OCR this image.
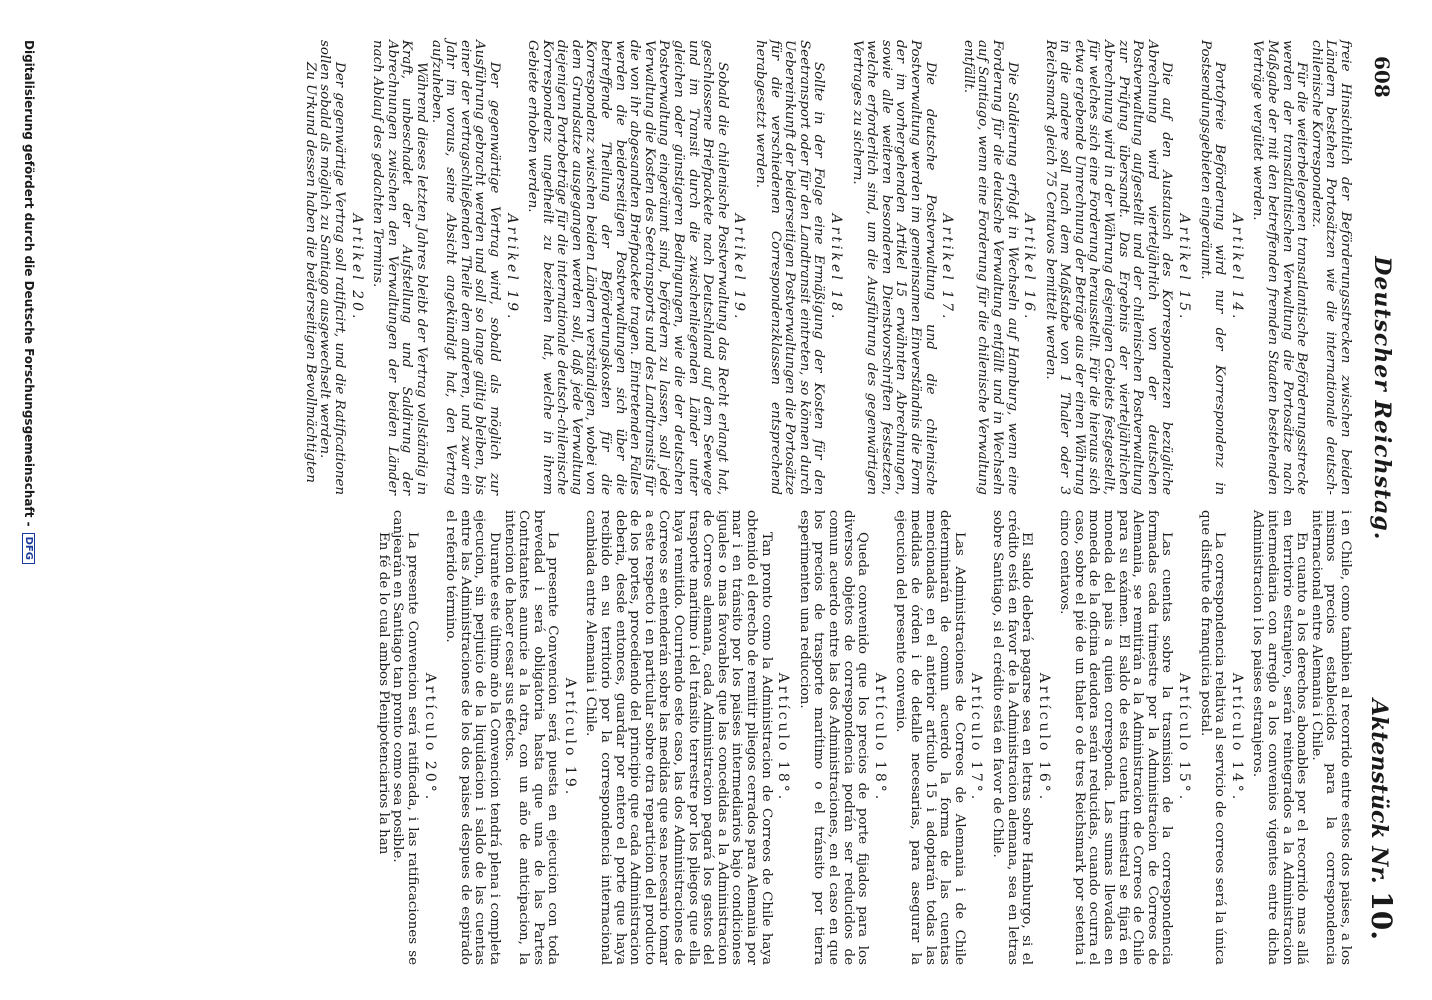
608
Deutscher Reichstag.
Aktenstück Nr. 10.

freie Hinsichtlich der Beförderungsstrecken zwischen beiden Ländern bestehen Portosätzen wie die internationale deutsch-chilenische Korrespondenz.

Für die weiterbelegenen transatlantische Beförderungsstrecke werden der transatlantischen Verwaltung die Portosätze nach Maßgabe der mit den betreffenden fremden Staaten bestehenden Verträge vergütet werden.

Artikel 14.

Portofreie Beförderung wird nur der Korrespondenz in Postsendungsgebieten eingeräumt.

Artikel 15.

Die auf den Austausch des Korrespondenzen bezügliche Abrechnung wird vierteljährlich von der deutschen Postverwaltung aufgestellt und der chilenischen Postverwaltung zur Prüfung übersandt. Das Ergebnis der vierteljährlichen Abrechnung wird in der Währung desjenigen Gebiets festgestellt, für welches sich eine Forderung herausstellt. Für die hieraus sich etwa ergebende Umrechnung der Beträge aus der einen Währung in die andere soll nach dem Maßstabe von 1 Thaler oder 3 Reichsmark gleich 75 Centavos bemittelt werden.

Artikel 16.

Die Saldierung erfolgt in Wechseln auf Hamburg, wenn eine Forderung für die deutsche Verwaltung entfällt und in Wechseln auf Santiago, wenn eine Forderung für die chilenische Verwaltung entfällt.

Artikel 17.

Die deutsche Postverwaltung und die chilenische Postverwaltung werden im gemeinsamen Einverständnis die Form der im vorhergehenden Artikel 15 erwähnten Abrechnungen, sowie alle weiteren besonderen Dienstvorschriften festsetzen, welche erforderlich sind, um die Ausführung des gegenwärtigen Vertrages zu sichern.

Artikel 18.

Sollte in der Folge eine Ermäßigung der Kosten für den Seetransport oder für den Landtransit eintreten, so können durch Uebereinkunft der beiderseitigen Postverwaltungen die Portosätze für die verschiedenen Correspondenzklassen entsprechend herabgesetzt werden.

Artikel 19.

Sobald die chilenische Postverwaltung das Recht erlangt hat, geschlossene Briefpackete nach Deutschland auf dem Seewege und im Transit durch die zwischenliegenden Länder unter gleichen oder günstigeren Bedingungen, wie die der deutschen Postverwaltung eingeräumt sind, befördern zu lassen, soll jede Verwaltung die Kosten des Seetransports und des Landtransits für die von ihr abgesandten Briefpackete tragen. Eintretenden Falles werden die beiderseitigen Postverwaltungen sich über die betreffende Theilung der Beförderungskosten für die Korrespondenz zwischen beiden Ländern verständigen, wobei von dem Grundsatze ausgegangen werden soll, daß jede Verwaltung diejenigen Portobeträge für die internationale deutsch-chilenische Korrespondenz ungetheilt zu beziehen hat, welche in ihrem Gebiete erhoben werden.

Artikel 19.

Der gegenwärtige Vertrag wird, sobald als möglich zur Ausführung gebracht werden und soll so lange gültig bleiben, bis einer der vertragschließenden Theile dem anderen, und zwar ein Jahr im voraus, seine Absicht angekündigt hat, den Vertrag aufzuheben.

Während dieses letzten Jahres bleibt der Vertrag vollständig in Kraft, unbeschadet der Aufstellung und Saldirung der Abrechnungen zwischen den Verwaltungen der beiden Länder nach Ablauf des gedachten Termins.

Artikel 20.

Der gegenwärtige Vertrag soll ratificirt, und die Ratificationen sollen sobald als möglich zu Santiago ausgewechselt werden.

Zu Urkund dessen haben die beiderseitigen Bevollmächtigten

i en Chile, como tambien al recorrido entre estos dos paises, a los mismos precios establecidos para la correspondencia internacional entre Alemania i Chile.

En cuanto a los derechos abonables por el recorrido mas allá en territorio estranjero, serán reintegrados a la Administracion intermediaria con arreglo a los convenios vigentes entre dicha Administracion i los paises estranjeros.

Artículo 14°.

La correspondencia relativa al servicio de correos será la única que disfrute de franquicia postal.

Artículo 15°.

Las cuentas sobre la trasmision de la correspondencia formadas cada trimestre por la Administracion de Correos de Alemania, se remitirán a la Administracion de Correos de Chile para su exámen. El saldo de esta cuenta trimestral se fijará en moneda del pais a quien corresponda. Las sumas llevadas en moneda de la oficina deudora serán reducidas, cuando ocurra el caso, sobre el pié de un thaler o de tres Reichsmark por setenta i cinco centavos.

Artículo 16°.

El saldo deberá pagarse sea en letras sobre Hamburgo, si el crédito está en favor de la Administracion alemana, sea en letras sobre Santiago, si el crédito está en favor de Chile.

Artículo 17°.

Las Administraciones de Correos de Alemania i de Chile determinarán de comun acuerdo la forma de las cuentas mencionadas en el anterior artículo 15 i adoptarán todas las medidas de órden i de detalle necesarias, para asegurar la ejecucion del presente convenio.

Artículo 18°.

Queda convenido que los precios de porte fijados para los diversos objetos de correspondencia podrán ser reducidos de comun acuerdo entre las dos Administraciones, en el caso en que los precios de trasporte marítimo o el tránsito por tierra esperimenten una reduccion.

Artículo 18°.

Tan pronto como la Administracion de Correos de Chile haya obtenido el derecho de remitir pliegos cerrados para Alemania por mar i en tránsito por los paises intermediarios bajo condiciones iguales o mas favorables que las concedidas a la Administracion de Correos alemana, cada Administracion pagará los gastos del trasporte marítimo i del tránsito terrestre por los pliegos que ella haya remitido. Ocurriendo este caso, las dos Administraciones de Correos se entenderán sobre las medidas que sea necesario tomar a este respecto i en particular sobre otra reparticion del producto de los portes, procediendo del principio que cada Administracion deberia, desde entonces, guardar por entero el porte que haya recibido en su territorio por la correspondencia internacional cambiada entre Alemania i Chile.

Artículo 19.

La presente Convencion será puesta en ejecucion con toda brevedad i será obligatoria hasta que una de las Partes Contratantes anuncie a la otra, con un año de anticipacion, la intencion de hacer cesar sus efectos.

Durante este último año la Convencion tendrá plena i completa ejecucion, sin perjuicio de la liquidacion i saldo de las cuentas entre las Administraciones de los dos paises despues de espirado el referido término.

Artículo 20°.

La presente Convencion será ratificada, i las ratificaciones se canjearán en Santiago tan pronto como sea posible.

En fé de lo cual ambos Plenipotenciarios la han

Digitalisierung gefördert durch die Deutsche Forschungsgemeinschaft -
DFG
